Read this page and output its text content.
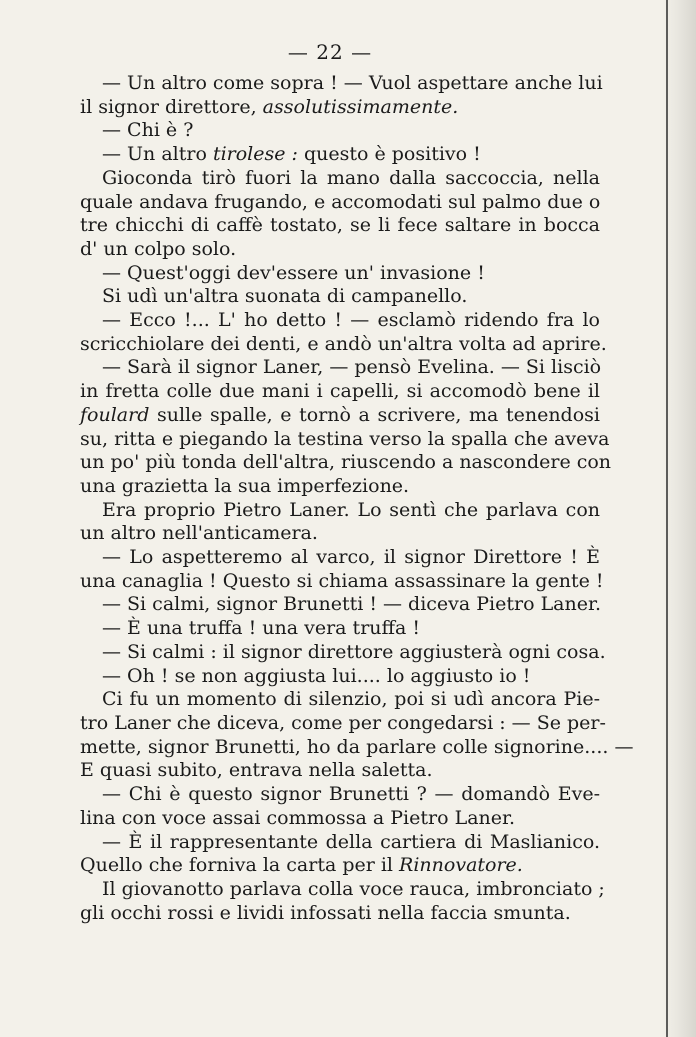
— 22 —
— Un altro come sopra ! — Vuol aspettare anche lui
il signor direttore, assolutissimamente.
— Chi è ?
— Un altro tirolese : questo è positivo !
Gioconda tirò fuori la mano dalla saccoccia, nella
quale andava frugando, e accomodati sul palmo due o
tre chicchi di caffè tostato, se li fece saltare in bocca
d' un colpo solo.
— Quest'oggi dev'essere un' invasione !
Si udì un'altra suonata di campanello.
— Ecco !... L' ho detto ! — esclamò ridendo fra lo
scricchiolare dei denti, e andò un'altra volta ad aprire.
— Sarà il signor Laner, — pensò Evelina. — Si lisciò
in fretta colle due mani i capelli, si accomodò bene il
foulard sulle spalle, e tornò a scrivere, ma tenendosi
su, ritta e piegando la testina verso la spalla che aveva
un po' più tonda dell'altra, riuscendo a nascondere con
una grazietta la sua imperfezione.
Era proprio Pietro Laner. Lo sentì che parlava con
un altro nell'anticamera.
— Lo aspetteremo al varco, il signor Direttore ! È
una canaglia ! Questo si chiama assassinare la gente !
— Si calmi, signor Brunetti ! — diceva Pietro Laner.
— È una truffa ! una vera truffa !
— Si calmi : il signor direttore aggiusterà ogni cosa.
— Oh ! se non aggiusta lui.... lo aggiusto io !
Ci fu un momento di silenzio, poi si udì ancora Pie-
tro Laner che diceva, come per congedarsi : — Se per-
mette, signor Brunetti, ho da parlare colle signorine.... —
E quasi subito, entrava nella saletta.
— Chi è questo signor Brunetti ? — domandò Eve-
lina con voce assai commossa a Pietro Laner.
— È il rappresentante della cartiera di Maslianico.
Quello che forniva la carta per il Rinnovatore.
Il giovanotto parlava colla voce rauca, imbronciato ;
gli occhi rossi e lividi infossati nella faccia smunta.
